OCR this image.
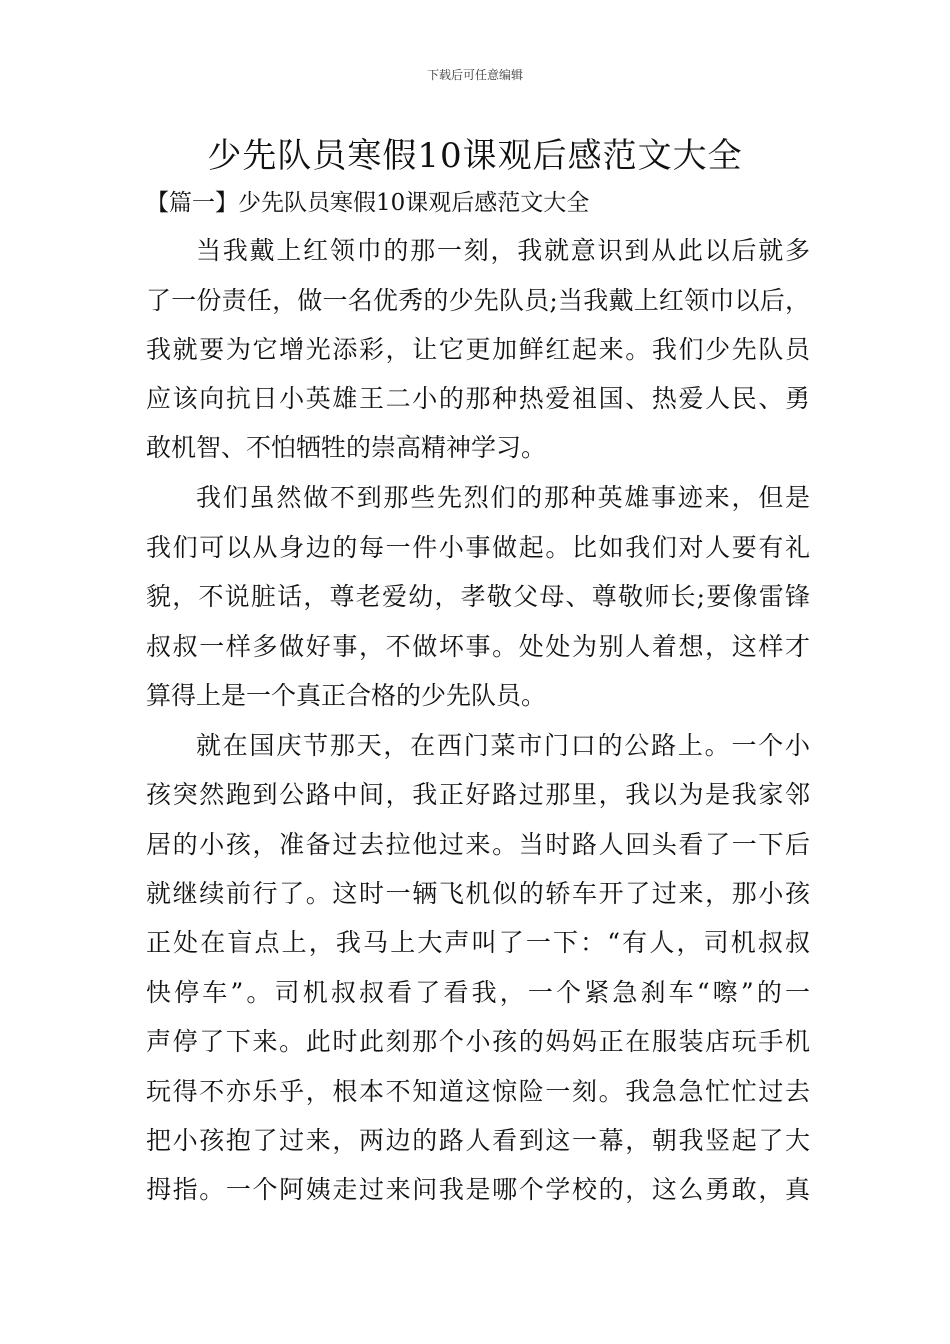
下载后可任意编辑
少先队员寒假10课观后感范文大全
【篇一】少先队员寒假10课观后感范文大全
当我戴上红领巾的那一刻，我就意识到从此以后就多
了一份责任，做一名优秀的少先队员;当我戴上红领巾以后，
我就要为它增光添彩，让它更加鲜红起来。我们少先队员
应该向抗日小英雄王二小的那种热爱祖国、热爱人民、勇
敢机智、不怕牺牲的崇高精神学习。
我们虽然做不到那些先烈们的那种英雄事迹来，但是
我们可以从身边的每一件小事做起。比如我们对人要有礼
貌，不说脏话，尊老爱幼，孝敬父母、尊敬师长;要像雷锋
叔叔一样多做好事，不做坏事。处处为别人着想，这样才
算得上是一个真正合格的少先队员。
就在国庆节那天，在西门菜市门口的公路上。一个小
孩突然跑到公路中间，我正好路过那里，我以为是我家邻
居的小孩，准备过去拉他过来。当时路人回头看了一下后
就继续前行了。这时一辆飞机似的轿车开了过来，那小孩
正处在盲点上，我马上大声叫了一下：“有人，司机叔叔
快停车”。司机叔叔看了看我，一个紧急刹车“嚓”的一
声停了下来。此时此刻那个小孩的妈妈正在服装店玩手机
玩得不亦乐乎，根本不知道这惊险一刻。我急急忙忙过去
把小孩抱了过来，两边的路人看到这一幕，朝我竖起了大
拇指。一个阿姨走过来问我是哪个学校的，这么勇敢，真
